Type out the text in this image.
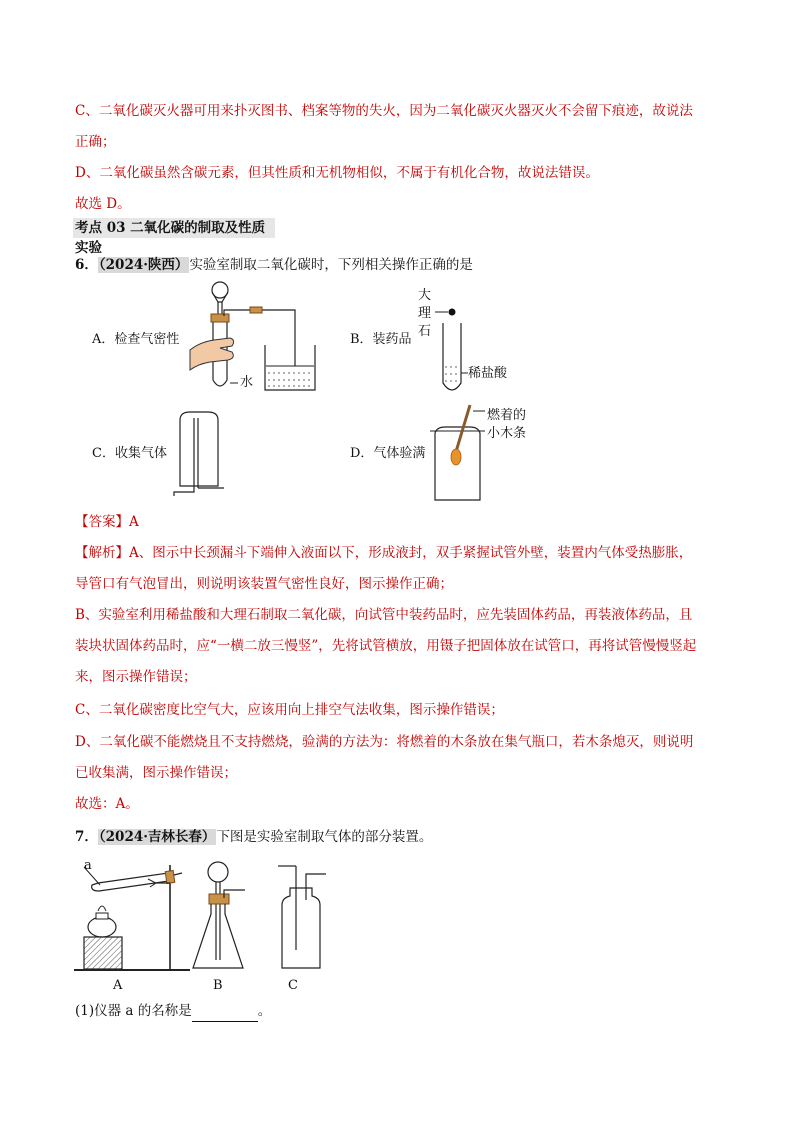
C、二氧化碳灭火器可用来扑灭图书、档案等物的失火，因为二氧化碳灭火器灭火不会留下痕迹，故说法
正确；
D、二氧化碳虽然含碳元素，但其性质和无机物相似，不属于有机化合物，故说法错误。
故选 D。
考点 03 二氧化碳的制取及性质实验
6．（2024·陕西）实验室制取二氧化碳时，下列相关操作正确的是
A．检查气密性	B．装药品
C．收集气体	D．气体验满
水
大
理
石
稀盐酸
燃着的
小木条
【答案】A
【解析】A、图示中长颈漏斗下端伸入液面以下，形成液封，双手紧握试管外壁，装置内气体受热膨胀，
导管口有气泡冒出，则说明该装置气密性良好，图示操作正确；
B、实验室利用稀盐酸和大理石制取二氧化碳，向试管中装药品时，应先装固体药品，再装液体药品，且
装块状固体药品时，应“一横二放三慢竖”，先将试管横放，用镊子把固体放在试管口，再将试管慢慢竖起
来，图示操作错误；
C、二氧化碳密度比空气大，应该用向上排空气法收集，图示操作错误；
D、二氧化碳不能燃烧且不支持燃烧，验满的方法为：将燃着的木条放在集气瓶口，若木条熄灭，则说明
已收集满，图示操作错误；
故选：A。
7．（2024·吉林长春）下图是实验室制取气体的部分装置。
a
A	B	C
(1)仪器 a 的名称是	。
